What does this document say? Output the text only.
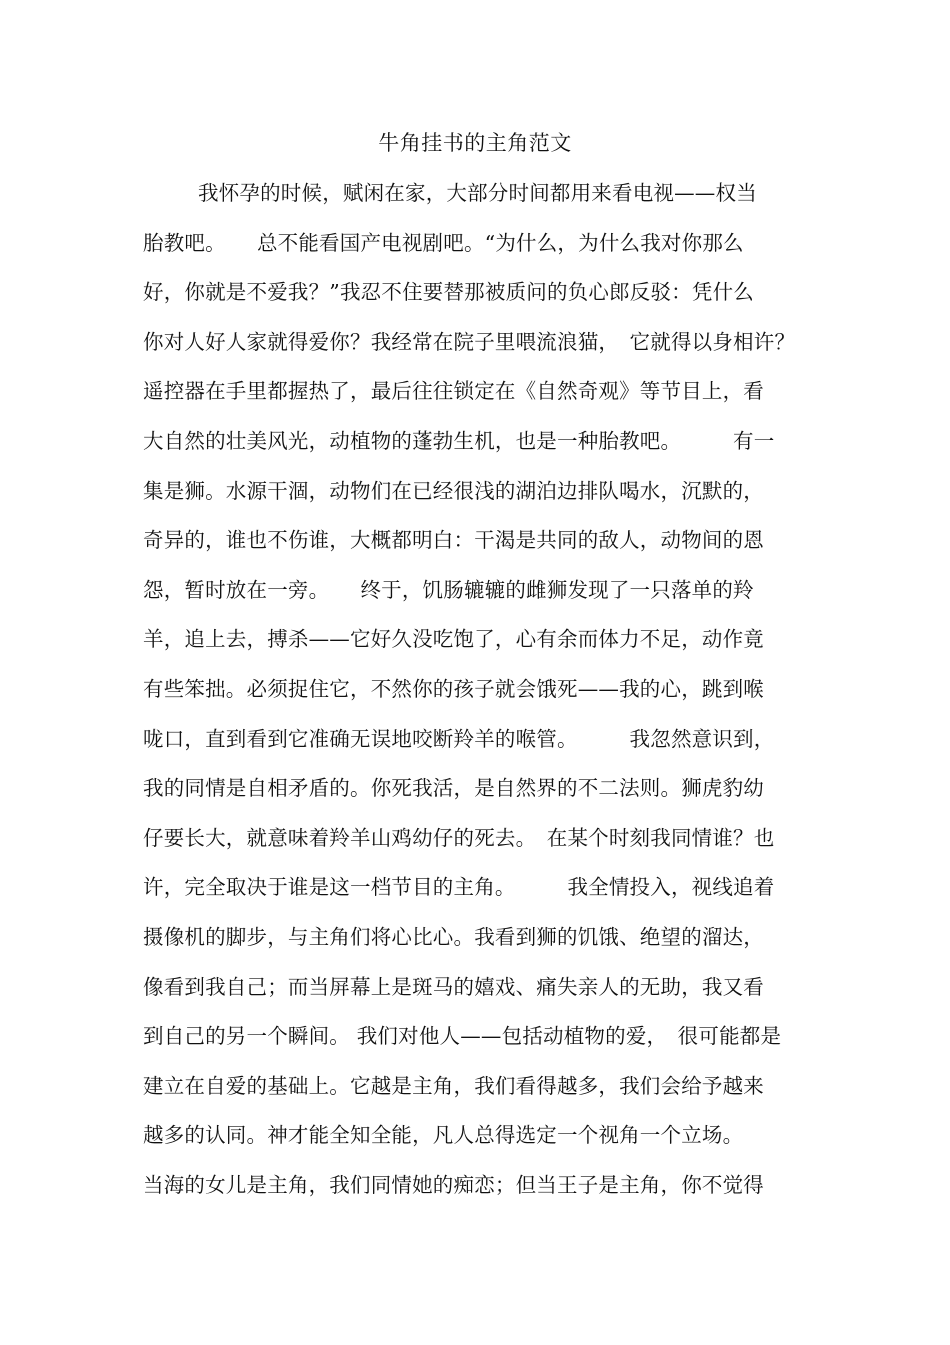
牛角挂书的主角范文
我怀孕的时候，赋闲在家，大部分时间都用来看电视——权当
胎教吧。　　总不能看国产电视剧吧。“为什么，为什么我对你那么
好，你就是不爱我？”我忍不住要替那被质问的负心郎反驳：凭什么
你对人好人家就得爱你？我经常在院子里喂流浪猫，　它就得以身相许？
遥控器在手里都握热了，最后往往锁定在《自然奇观》等节目上，看
大自然的壮美风光，动植物的蓬勃生机，也是一种胎教吧。　　　有一
集是狮。水源干涸，动物们在已经很浅的湖泊边排队喝水，沉默的，
奇异的，谁也不伤谁，大概都明白：干渴是共同的敌人，动物间的恩
怨，暂时放在一旁。　　终于，饥肠辘辘的雌狮发现了一只落单的羚
羊，追上去，搏杀——它好久没吃饱了，心有余而体力不足，动作竟
有些笨拙。必须捉住它，不然你的孩子就会饿死——我的心，跳到喉
咙口，直到看到它准确无误地咬断羚羊的喉管。　　　我忽然意识到，
我的同情是自相矛盾的。你死我活，是自然界的不二法则。狮虎豹幼
仔要长大，就意味着羚羊山鸡幼仔的死去。　在某个时刻我同情谁？也
许，完全取决于谁是这一档节目的主角。　　　我全情投入，视线追着
摄像机的脚步，与主角们将心比心。我看到狮的饥饿、绝望的溜达，
像看到我自己；而当屏幕上是斑马的嬉戏、痛失亲人的无助，我又看
到自己的另一个瞬间。 我们对他人——包括动植物的爱，　很可能都是
建立在自爱的基础上。它越是主角，我们看得越多，我们会给予越来
越多的认同。神才能全知全能，凡人总得选定一个视角一个立场。
当海的女儿是主角，我们同情她的痴恋；但当王子是主角，你不觉得
